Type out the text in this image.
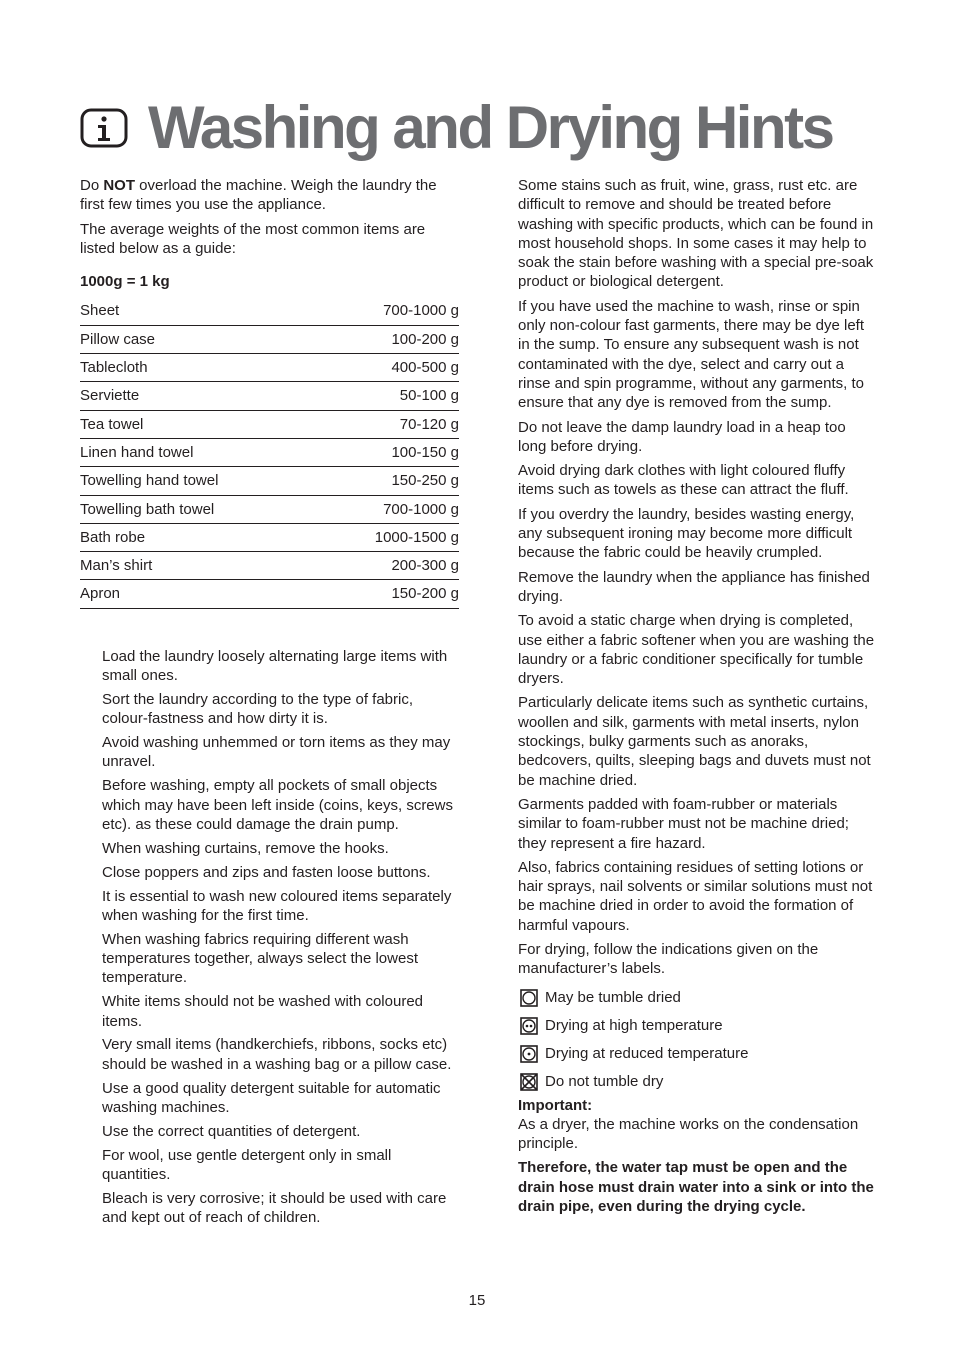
Washing and Drying Hints

Do NOT overload the machine. Weigh the laundry the first few times you use the appliance.

The average weights of the most common items are listed below as a guide:

1000g = 1 kg
Sheet	700-1000 g
Pillow case	100-200 g
Tablecloth	400-500 g
Serviette	50-100 g
Tea towel	70-120 g
Linen hand towel	100-150 g
Towelling hand towel	150-250 g
Towelling bath towel	700-1000 g
Bath robe	1000-1500 g
Man’s shirt	200-300 g
Apron	150-200 g

Load the laundry loosely alternating large items with small ones.

Sort the laundry according to the type of fabric, colour-fastness and how dirty it is.

Avoid washing unhemmed or torn items as they may unravel.

Before washing, empty all pockets of small objects which may have been left inside (coins, keys, screws etc). as these could damage the drain pump.

When washing curtains, remove the hooks.

Close poppers and zips and fasten loose buttons.

It is essential to wash new coloured items separately when washing for the first time.

When washing fabrics requiring different wash temperatures together, always select the lowest temperature.

White items should not be washed with coloured items.

Very small items (handkerchiefs, ribbons, socks etc) should be washed in a washing bag or a pillow case.

Use a good quality detergent suitable for automatic washing machines.

Use the correct quantities of detergent.

For wool, use gentle detergent only in small quantities.

Bleach is very corrosive; it should be used with care and kept out of reach of children.

Some stains such as fruit, wine, grass, rust etc. are difficult to remove and should be treated before washing with specific products, which can be found in most household shops. In some cases it may help to soak the stain before washing with a special pre-soak product or biological detergent.

If you have used the machine to wash, rinse or spin only non-colour fast garments, there may be dye left in the sump. To ensure any subsequent wash is not contaminated with the dye, select and carry out a rinse and spin programme, without any garments, to ensure that any dye is removed from the sump.

Do not leave the damp laundry load in a heap too long before drying.

Avoid drying dark clothes with light coloured fluffy items such as towels as these can attract the fluff.

If you overdry the laundry, besides wasting energy, any subsequent ironing may become more difficult because the fabric could be heavily crumpled.

Remove the laundry when the appliance has finished drying.

To avoid a static charge when drying is completed, use either a fabric softener when you are washing the laundry or a fabric conditioner specifically for tumble dryers.

Particularly delicate items such as synthetic curtains, woollen and silk, garments with metal inserts, nylon stockings, bulky garments such as anoraks, bedcovers, quilts, sleeping bags and duvets must not be machine dried.

Garments padded with foam-rubber or materials similar to foam-rubber must not be machine dried; they represent a fire hazard.

Also, fabrics containing residues of setting lotions or hair sprays, nail solvents or similar solutions must not be machine dried in order to avoid the formation of harmful vapours.

For drying, follow the indications given on the manufacturer’s labels.

May be tumble dried
Drying at high temperature
Drying at reduced temperature
Do not tumble dry

Important:

As a dryer, the machine works on the condensation principle.

Therefore, the water tap must be open and the drain hose must drain water into a sink or into the drain pipe, even during the drying cycle.

15
